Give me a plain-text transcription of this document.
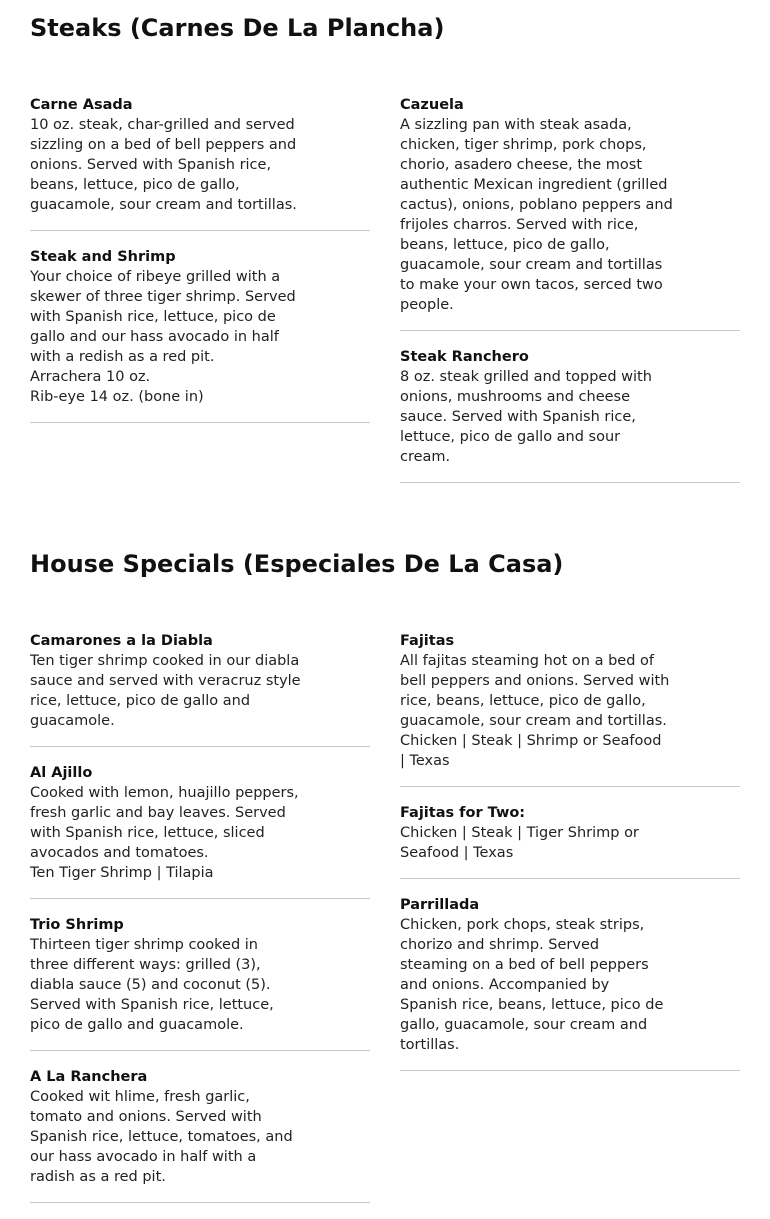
Steaks (Carnes De La Plancha)
Carne Asada
10 oz. steak, char-grilled and served
sizzling on a bed of bell peppers and
onions. Served with Spanish rice,
beans, lettuce, pico de gallo,
guacamole, sour cream and tortillas.
Steak and Shrimp
Your choice of ribeye grilled with a
skewer of three tiger shrimp. Served
with Spanish rice, lettuce, pico de
gallo and our hass avocado in half
with a redish as a red pit.
Arrachera 10 oz.
Rib-eye 14 oz. (bone in)
Cazuela
A sizzling pan with steak asada,
chicken, tiger shrimp, pork chops,
chorio, asadero cheese, the most
authentic Mexican ingredient (grilled
cactus), onions, poblano peppers and
frijoles charros. Served with rice,
beans, lettuce, pico de gallo,
guacamole, sour cream and tortillas
to make your own tacos, serced two
people.
Steak Ranchero
8 oz. steak grilled and topped with
onions, mushrooms and cheese
sauce. Served with Spanish rice,
lettuce, pico de gallo and sour
cream.
House Specials (Especiales De La Casa)
Camarones a la Diabla
Ten tiger shrimp cooked in our diabla
sauce and served with veracruz style
rice, lettuce, pico de gallo and
guacamole.
Al Ajillo
Cooked with lemon, huajillo peppers,
fresh garlic and bay leaves. Served
with Spanish rice, lettuce, sliced
avocados and tomatoes.
Ten Tiger Shrimp | Tilapia
Trio Shrimp
Thirteen tiger shrimp cooked in
three different ways: grilled (3),
diabla sauce (5) and coconut (5).
Served with Spanish rice, lettuce,
pico de gallo and guacamole.
A La Ranchera
Cooked wit hlime, fresh garlic,
tomato and onions. Served with
Spanish rice, lettuce, tomatoes, and
our hass avocado in half with a
radish as a red pit.
Fajitas
All fajitas steaming hot on a bed of
bell peppers and onions. Served with
rice, beans, lettuce, pico de gallo,
guacamole, sour cream and tortillas.
Chicken | Steak | Shrimp or Seafood
| Texas
Fajitas for Two:
Chicken | Steak | Tiger Shrimp or
Seafood | Texas
Parrillada
Chicken, pork chops, steak strips,
chorizo and shrimp. Served
steaming on a bed of bell peppers
and onions. Accompanied by
Spanish rice, beans, lettuce, pico de
gallo, guacamole, sour cream and
tortillas.
